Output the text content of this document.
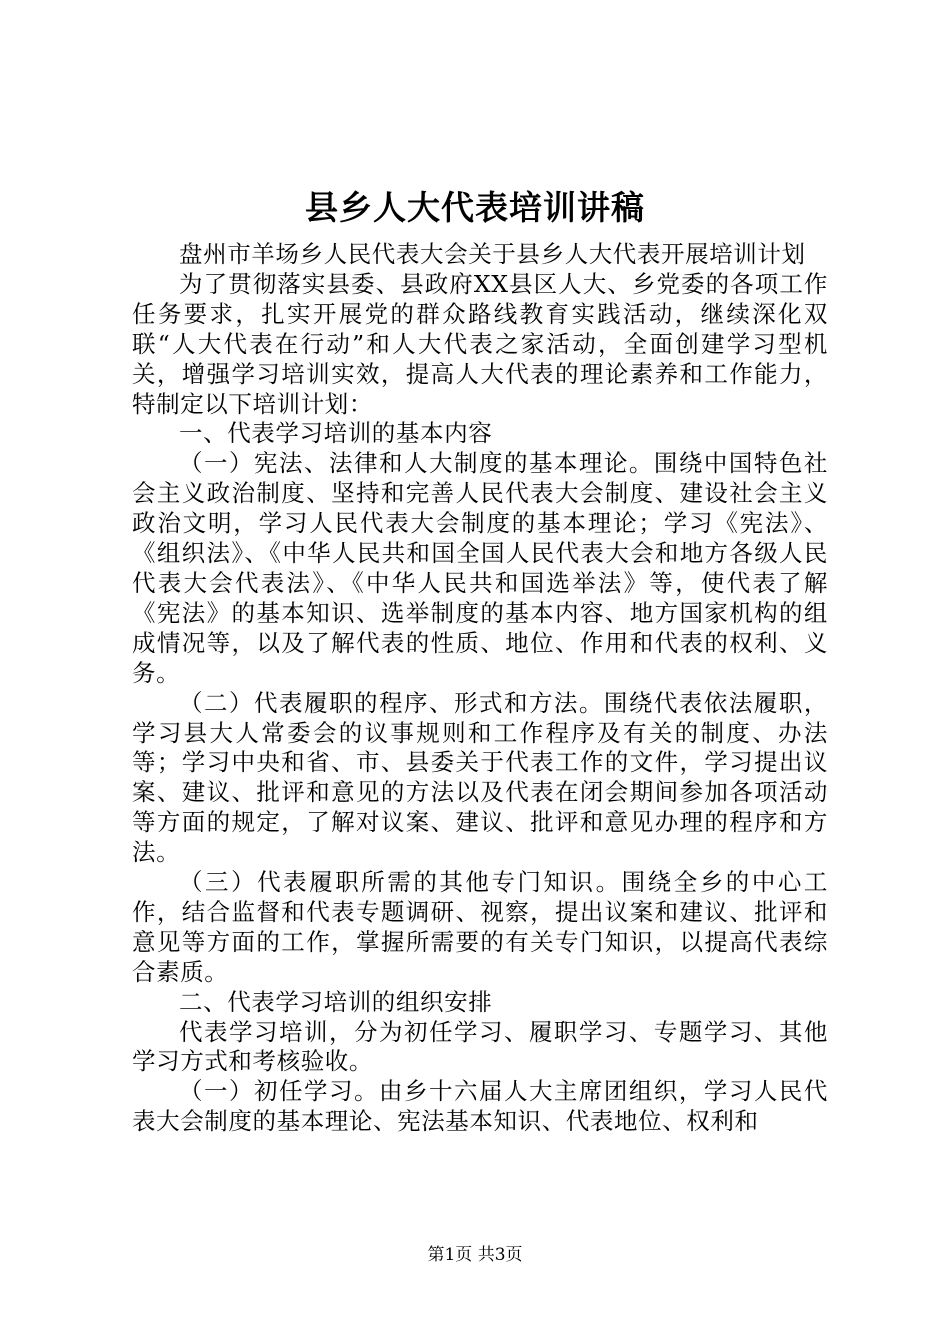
县乡人大代表培训讲稿

盘州市羊场乡人民代表大会关于县乡人大代表开展培训计划

为了贯彻落实县委、县政府XX县区人大、乡党委的各项工作任务要求，扎实开展党的群众路线教育实践活动，继续深化双联“人大代表在行动”和人大代表之家活动，全面创建学习型机关，增强学习培训实效，提高人大代表的理论素养和工作能力，特制定以下培训计划：

一、代表学习培训的基本内容

（一）宪法、法律和人大制度的基本理论。围绕中国特色社会主义政治制度、坚持和完善人民代表大会制度、建设社会主义政治文明，学习人民代表大会制度的基本理论；学习《宪法》、《组织法》、《中华人民共和国全国人民代表大会和地方各级人民代表大会代表法》、《中华人民共和国选举法》等，使代表了解《宪法》的基本知识、选举制度的基本内容、地方国家机构的组成情况等，以及了解代表的性质、地位、作用和代表的权利、义务。

（二）代表履职的程序、形式和方法。围绕代表依法履职，学习县大人常委会的议事规则和工作程序及有关的制度、办法等；学习中央和省、市、县委关于代表工作的文件，学习提出议案、建议、批评和意见的方法以及代表在闭会期间参加各项活动等方面的规定，了解对议案、建议、批评和意见办理的程序和方法。

（三）代表履职所需的其他专门知识。围绕全乡的中心工作，结合监督和代表专题调研、视察，提出议案和建议、批评和意见等方面的工作，掌握所需要的有关专门知识，以提高代表综合素质。

二、代表学习培训的组织安排

代表学习培训，分为初任学习、履职学习、专题学习、其他学习方式和考核验收。

（一）初任学习。由乡十六届人大主席团组织，学习人民代表大会制度的基本理论、宪法基本知识、代表地位、权利和

第1页 共3页
